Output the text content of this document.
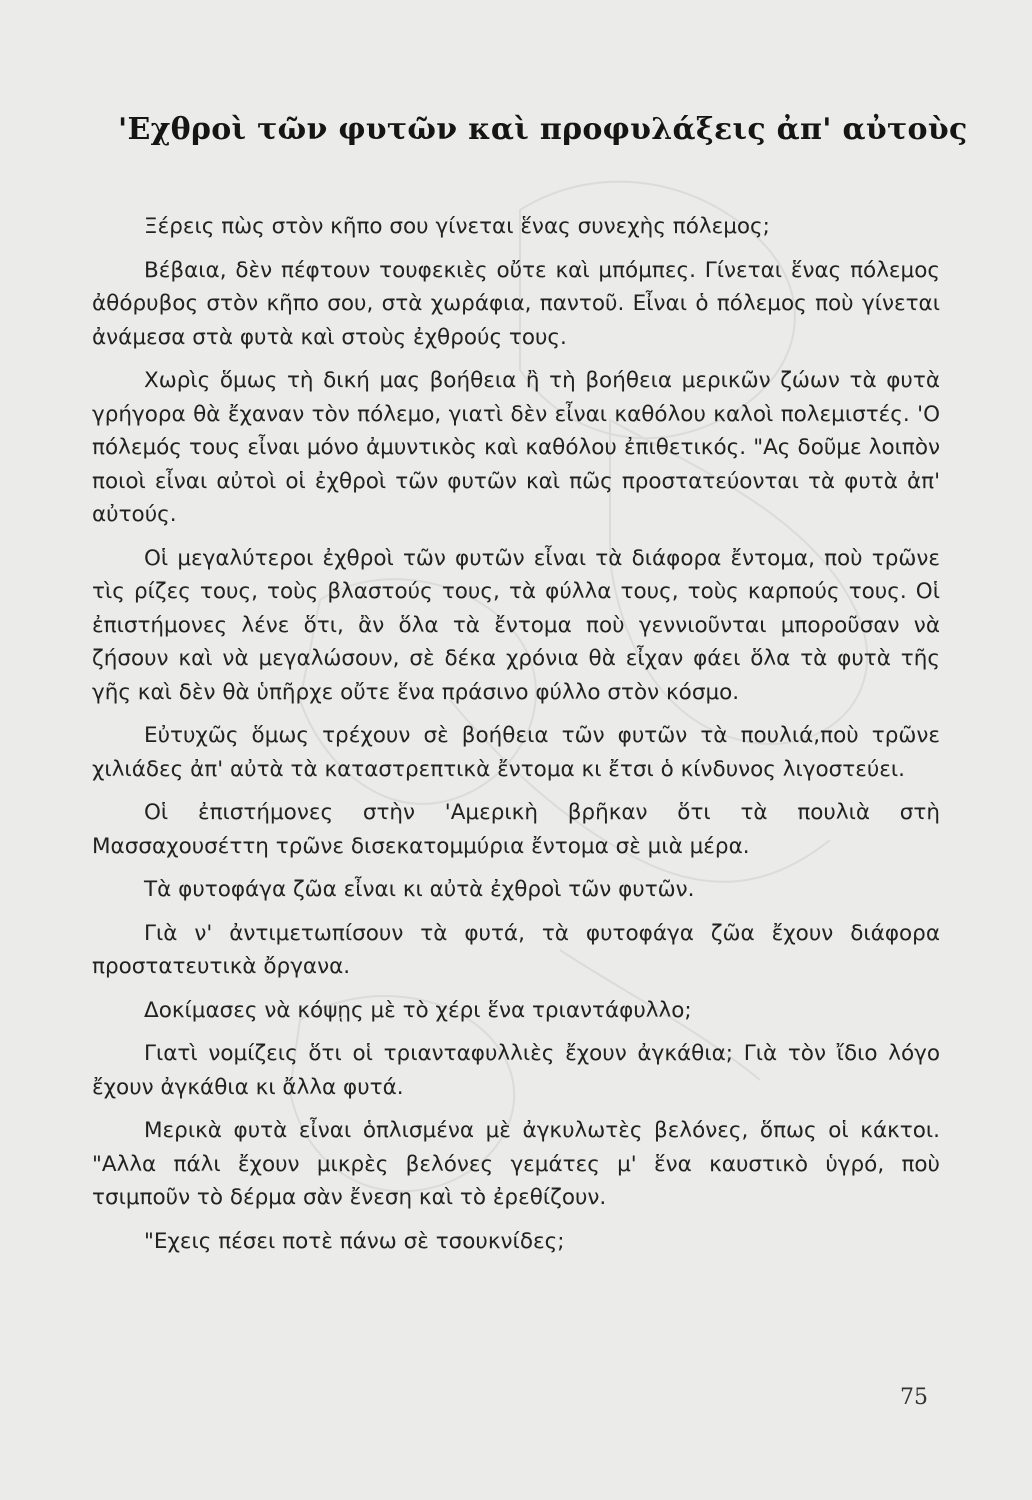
'Εχθροὶ τῶν φυτῶν καὶ προφυλάξεις ἀπ' αὐτοὺς

Ξέρεις πὼς στὸν κῆπο σου γίνεται ἕνας συνεχὴς πόλεμος;

Βέβαια, δὲν πέφτουν τουφεκιὲς οὔτε καὶ μπόμπες. Γίνεται ἕνας πόλεμος ἀθόρυβος στὸν κῆπο σου, στὰ χωράφια, παντοῦ. Εἶναι ὁ πόλεμος ποὺ γίνεται ἀνάμεσα στὰ φυτὰ καὶ στοὺς ἐχθρούς τους.

Χωρὶς ὅμως τὴ δική μας βοήθεια ἢ τὴ βοήθεια μερικῶν ζώων τὰ φυτὰ γρήγορα θὰ ἔχαναν τὸν πόλεμο, γιατὶ δὲν εἶναι καθόλου καλοὶ πολεμιστές. 'Ο πόλεμός τους εἶναι μόνο ἀμυντικὸς καὶ καθόλου ἐπιθετικός. "Ας δοῦμε λοιπὸν ποιοὶ εἶναι αὐτοὶ οἱ ἐχθροὶ τῶν φυτῶν καὶ πῶς προστατεύονται τὰ φυτὰ ἀπ' αὐτούς.

Οἱ μεγαλύτεροι ἐχθροὶ τῶν φυτῶν εἶναι τὰ διάφορα ἔντομα, ποὺ τρῶνε τὶς ρίζες τους, τοὺς βλαστούς τους, τὰ φύλλα τους, τοὺς καρπούς τους. Οἱ ἐπιστήμονες λένε ὅτι, ἂν ὅλα τὰ ἔντομα ποὺ γεννιοῦνται μποροῦσαν νὰ ζήσουν καὶ νὰ μεγαλώσουν, σὲ δέκα χρόνια θὰ εἶχαν φάει ὅλα τὰ φυτὰ τῆς γῆς καὶ δὲν θὰ ὑπῆρχε οὔτε ἕνα πράσινο φύλλο στὸν κόσμο.

Εὐτυχῶς ὅμως τρέχουν σὲ βοήθεια τῶν φυτῶν τὰ πουλιά,ποὺ τρῶνε χιλιάδες ἀπ' αὐτὰ τὰ καταστρεπτικὰ ἔντομα κι ἔτσι ὁ κίνδυνος λιγοστεύει.

Οἱ ἐπιστήμονες στὴν 'Αμερικὴ βρῆκαν ὅτι τὰ πουλιὰ στὴ Μασσαχουσέττη τρῶνε δισεκατομμύρια ἔντομα σὲ μιὰ μέρα.

Τὰ φυτοφάγα ζῶα εἶναι κι αὐτὰ ἐχθροὶ τῶν φυτῶν.

Γιὰ ν' ἀντιμετωπίσουν τὰ φυτά, τὰ φυτοφάγα ζῶα ἔχουν διάφορα προστατευτικὰ ὄργανα.

Δοκίμασες νὰ κόψῃς μὲ τὸ χέρι ἕνα τριαντάφυλλο;

Γιατὶ νομίζεις ὅτι οἱ τριανταφυλλιὲς ἔχουν ἀγκάθια; Γιὰ τὸν ἴδιο λόγο ἔχουν ἀγκάθια κι ἄλλα φυτά.

Μερικὰ φυτὰ εἶναι ὁπλισμένα μὲ ἀγκυλωτὲς βελόνες, ὅπως οἱ κάκτοι. "Αλλα πάλι ἔχουν μικρὲς βελόνες γεμάτες μ' ἕνα καυστικὸ ὑγρό, ποὺ τσιμποῦν τὸ δέρμα σὰν ἔνεση καὶ τὸ ἐρεθίζουν.

"Εχεις πέσει ποτὲ πάνω σὲ τσουκνίδες;

75
